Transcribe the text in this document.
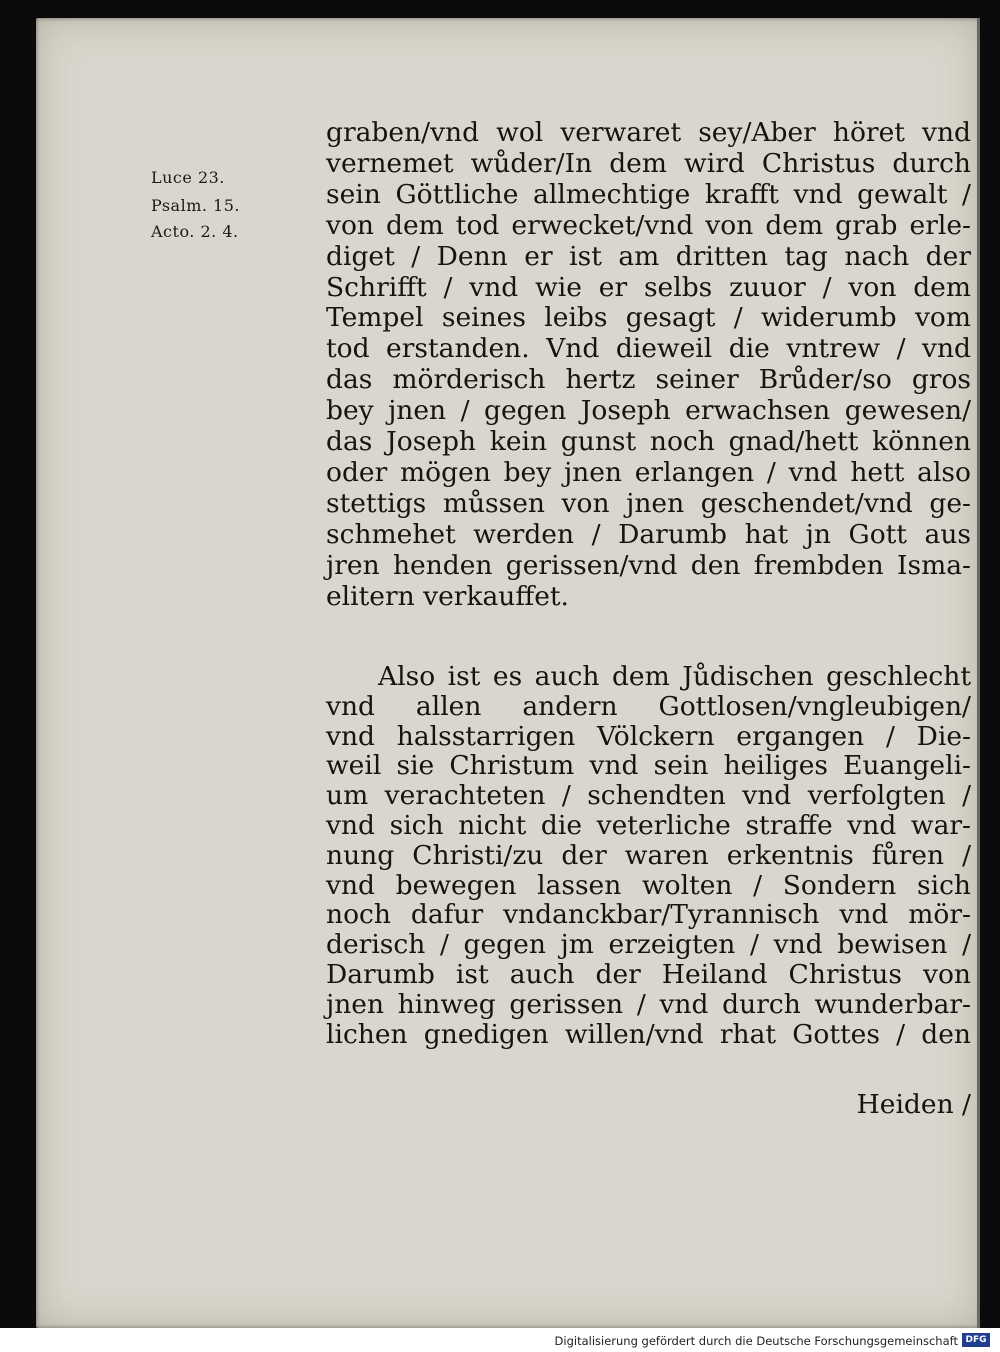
Luce 23.
Psalm. 15.
Acto. 2. 4.

graben/vnd wol verwaret sey/Aber höret vnd

vernemet wůder/In dem wird Christus durch

sein Göttliche allmechtige krafft vnd gewalt /

von dem tod erwecket/vnd von dem grab erle-

diget / Denn er ist am dritten tag nach der

Schrifft / vnd wie er selbs zuuor / von dem

Tempel seines leibs gesagt / widerumb vom

tod erstanden. Vnd dieweil die vntrew / vnd

das mörderisch hertz seiner Brůder/so gros

bey jnen / gegen Joseph erwachsen gewesen/

das Joseph kein gunst noch gnad/hett können

oder mögen bey jnen erlangen / vnd hett also

stettigs můssen von jnen geschendet/vnd ge-

schmehet werden / Darumb hat jn Gott aus

jren henden gerissen/vnd den frembden Isma-

elitern verkauffet.

Also ist es auch dem Jůdischen geschlecht

vnd allen andern Gottlosen/vngleubigen/

vnd halsstarrigen Völckern ergangen / Die-

weil sie Christum vnd sein heiliges Euangeli-

um verachteten / schendten vnd verfolgten /

vnd sich nicht die veterliche straffe vnd war-

nung Christi/zu der waren erkentnis fůren /

vnd bewegen lassen wolten / Sondern sich

noch dafur vndanckbar/Tyrannisch vnd mör-

derisch / gegen jm erzeigten / vnd bewisen /

Darumb ist auch der Heiland Christus von

jnen hinweg gerissen / vnd durch wunderbar-

lichen gnedigen willen/vnd rhat Gottes / den

Heiden /

Digitalisierung gefördert durch die Deutsche Forschungsgemeinschaft DFG
